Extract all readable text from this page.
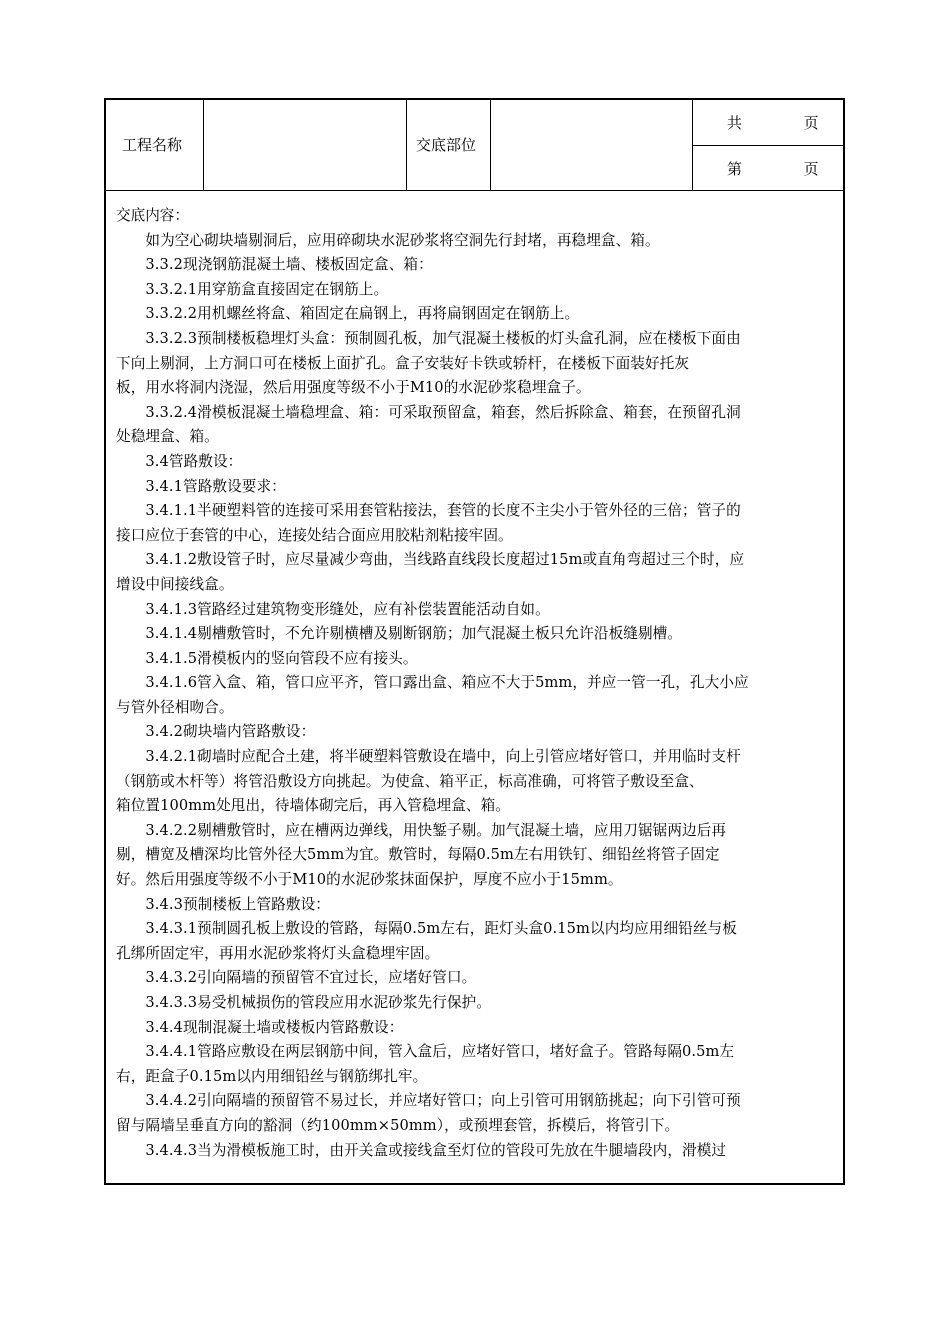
工程名称	交底部位
共	页
第	页
交底内容：
　　如为空心砌块墙剔洞后，应用碎砌块水泥砂浆将空洞先行封堵，再稳埋盒、箱。
　　3.3.2现浇钢筋混凝土墙、楼板固定盒、箱：
　　3.3.2.1用穿筋盒直接固定在钢筋上。
　　3.3.2.2用机螺丝将盒、箱固定在扁钢上，再将扁钢固定在钢筋上。
　　3.3.2.3预制楼板稳埋灯头盒：预制圆孔板，加气混凝土楼板的灯头盒孔洞，应在楼板下面由
下向上剔洞，上方洞口可在楼板上面扩孔。盒子安装好卡铁或轿杆，在楼板下面装好托灰
板，用水将洞内浇湿，然后用强度等级不小于M10的水泥砂浆稳埋盒子。
　　3.3.2.4滑模板混凝土墙稳埋盒、箱：可采取预留盒，箱套，然后拆除盒、箱套，在预留孔洞
处稳埋盒、箱。
　　3.4管路敷设：
　　3.4.1管路敷设要求：
　　3.4.1.1半硬塑料管的连接可采用套管粘接法，套管的长度不主尖小于管外径的三倍；管子的
接口应位于套管的中心，连接处结合面应用胶粘剂粘接牢固。
　　3.4.1.2敷设管子时，应尽量减少弯曲，当线路直线段长度超过15m或直角弯超过三个时，应
增设中间接线盒。
　　3.4.1.3管路经过建筑物变形缝处，应有补偿装置能活动自如。
　　3.4.1.4剔槽敷管时，不允许剔横槽及剔断钢筋；加气混凝土板只允许沿板缝剔槽。
　　3.4.1.5滑模板内的竖向管段不应有接头。
　　3.4.1.6管入盒、箱，管口应平齐，管口露出盒、箱应不大于5mm，并应一管一孔，孔大小应
与管外径相吻合。
　　3.4.2砌块墙内管路敷设：
　　3.4.2.1砌墙时应配合土建，将半硬塑料管敷设在墙中，向上引管应堵好管口，并用临时支杆
（钢筋或木杆等）将管沿敷设方向挑起。为使盒、箱平正，标高准确，可将管子敷设至盒、
箱位置100mm处甩出，待墙体砌完后，再入管稳埋盒、箱。
　　3.4.2.2剔槽敷管时，应在槽两边弹线，用快錾子剔。加气混凝土墙，应用刀锯锯两边后再
剔，槽宽及槽深均比管外径大5mm为宜。敷管时，每隔0.5m左右用铁钉、细铅丝将管子固定
好。然后用强度等级不小于M10的水泥砂浆抹面保护，厚度不应小于15mm。
　　3.4.3预制楼板上管路敷设：
　　3.4.3.1预制圆孔板上敷设的管路，每隔0.5m左右，距灯头盒0.15m以内均应用细铅丝与板
孔绑所固定牢，再用水泥砂浆将灯头盒稳埋牢固。
　　3.4.3.2引向隔墙的预留管不宜过长，应堵好管口。
　　3.4.3.3易受机械损伤的管段应用水泥砂浆先行保护。
　　3.4.4现制混凝土墙或楼板内管路敷设：
　　3.4.4.1管路应敷设在两层钢筋中间，管入盒后，应堵好管口，堵好盒子。管路每隔0.5m左
右，距盒子0.15m以内用细铅丝与钢筋绑扎牢。
　　3.4.4.2引向隔墙的预留管不易过长，并应堵好管口；向上引管可用钢筋挑起；向下引管可预
留与隔墙呈垂直方向的豁洞（约100mm×50mm），或预埋套管，拆模后，将管引下。
　　3.4.4.3当为滑模板施工时，由开关盒或接线盒至灯位的管段可先放在牛腿墙段内，滑模过
